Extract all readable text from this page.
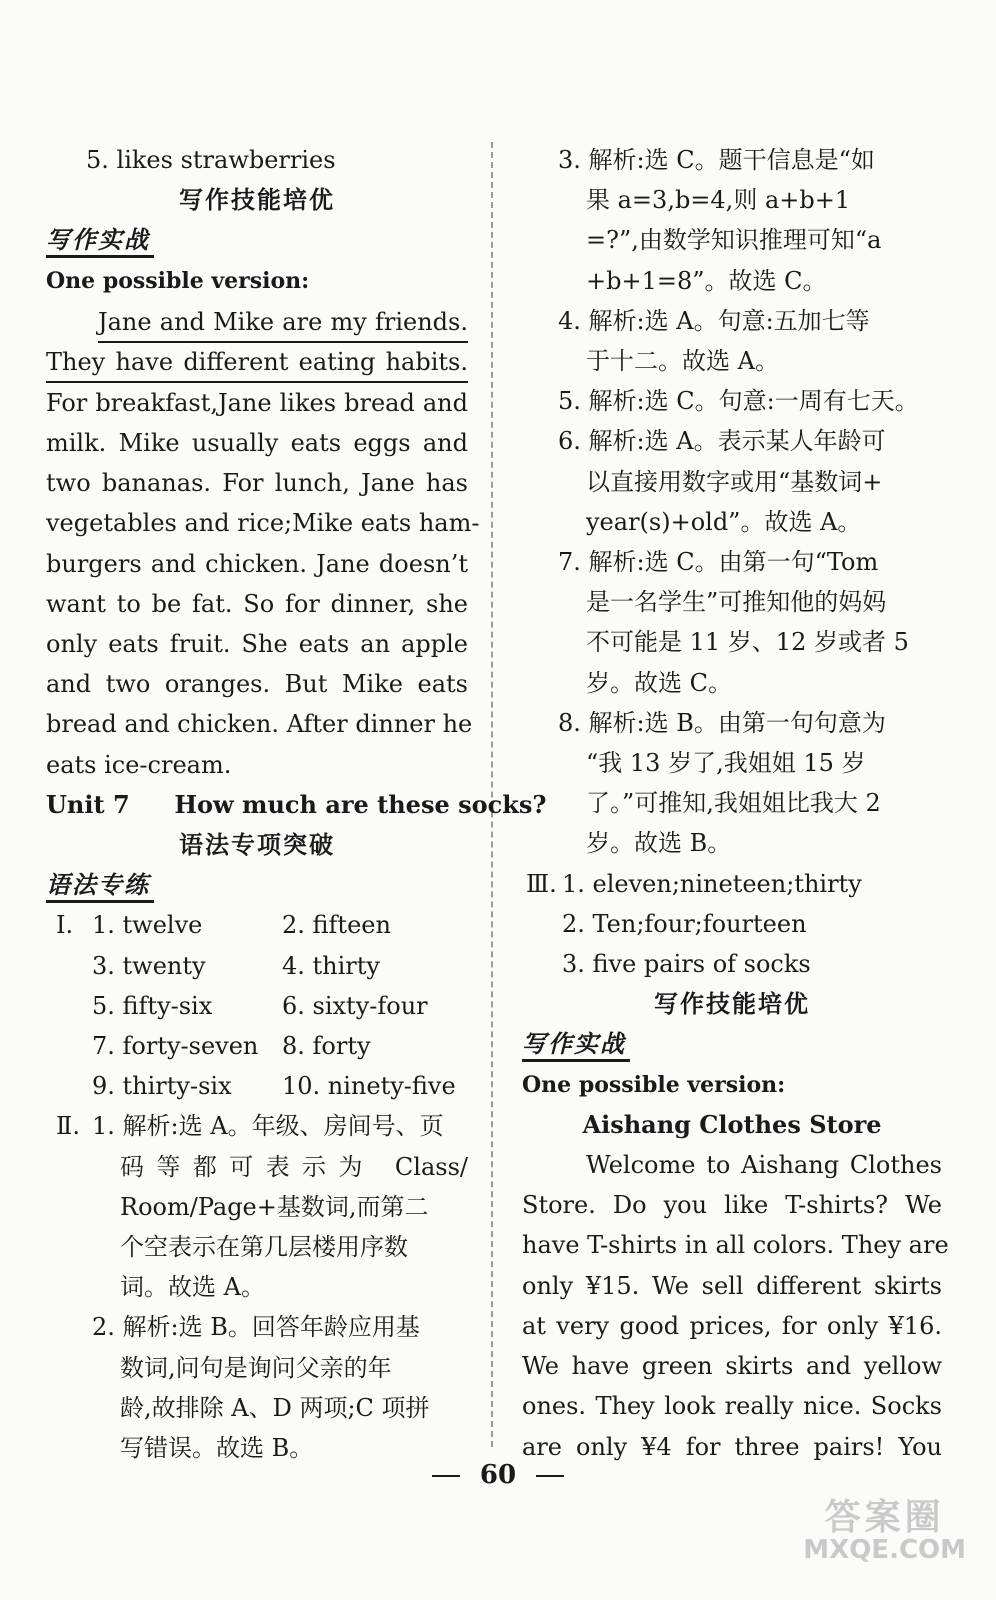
5. likes strawberries
写作技能培优
写作实战
One possible version:
Jane and Mike are my friends.
They have different eating habits.
For breakfast,Jane likes bread and
milk. Mike usually eats eggs and
two bananas. For lunch, Jane has
vegetables and rice;Mike eats ham-
burgers and chicken. Jane doesn’t
want to be fat. So for dinner, she
only eats fruit. She eats an apple
and two oranges. But Mike eats
bread and chicken. After dinner he
eats ice-cream.
Unit 7 How much are these socks?
语法专项突破
语法专练
Ⅰ. 1. twelve	2. fifteen
3. twenty	4. thirty
5. fifty-six	6. sixty-four
7. forty-seven 8. forty
9. thirty-six	10. ninety-five
Ⅱ. 1. 解析:选 A。年级、房间号、页
码等都可表示为 Class/
Room/Page+基数词,而第二
个空表示在第几层楼用序数
词。故选 A。
2. 解析:选 B。回答年龄应用基
数词,问句是询问父亲的年
龄,故排除 A、D 两项;C 项拼
写错误。故选 B。
3. 解析:选 C。题干信息是“如
果 a=3,b=4,则 a+b+1
=?”,由数学知识推理可知“a
+b+1=8”。故选 C。
4. 解析:选 A。句意:五加七等
于十二。故选 A。
5. 解析:选 C。句意:一周有七天。
6. 解析:选 A。表示某人年龄可
以直接用数字或用“基数词+
year(s)+old”。故选 A。
7. 解析:选 C。由第一句“Tom
是一名学生”可推知他的妈妈
不可能是 11 岁、12 岁或者 5
岁。故选 C。
8. 解析:选 B。由第一句句意为
“我 13 岁了,我姐姐 15 岁
了。”可推知,我姐姐比我大 2
岁。故选 B。
Ⅲ. 1. eleven;nineteen;thirty
2. Ten;four;fourteen
3. five pairs of socks
写作技能培优
写作实战
One possible version:
Aishang Clothes Store
Welcome to Aishang Clothes
Store. Do you like T-shirts? We
have T-shirts in all colors. They are
only ¥15. We sell different skirts
at very good prices, for only ¥16.
We have green skirts and yellow
ones. They look really nice. Socks
are only ¥4 for three pairs! You
60
答案圈
MXQE.COM
